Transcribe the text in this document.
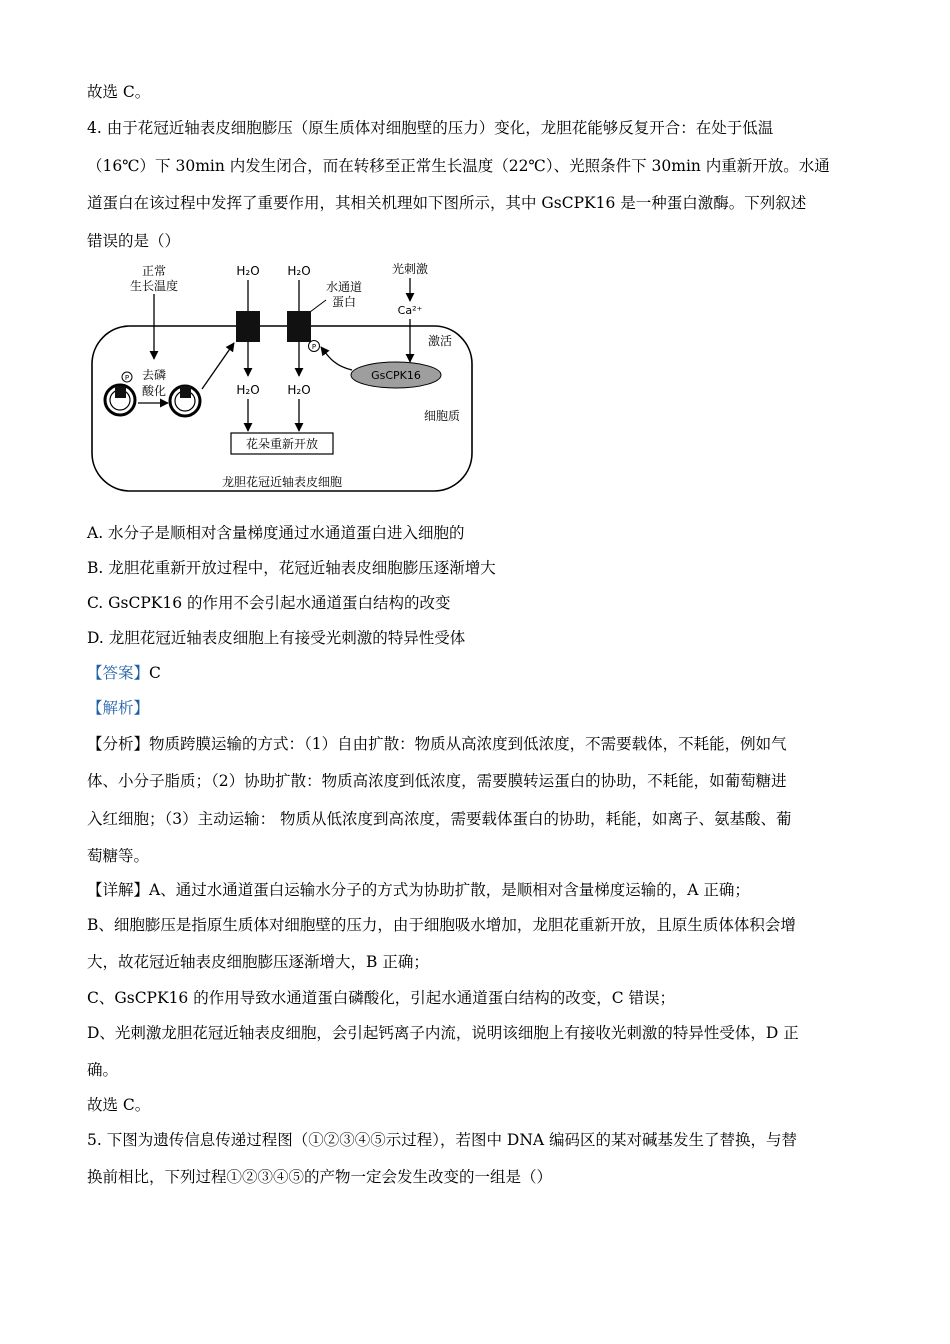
故选 C。
4. 由于花冠近轴表皮细胞膨压（原生质体对细胞壁的压力）变化，龙胆花能够反复开合：在处于低温
（16℃）下 30min 内发生闭合，而在转移至正常生长温度（22℃）、光照条件下 30min 内重新开放。水通
道蛋白在该过程中发挥了重要作用，其相关机理如下图所示，其中 GsCPK16 是一种蛋白激酶。下列叙述
错误的是（）
正常
生长温度
H₂O H₂O	光刺激
Ca²⁺
水通道
蛋白
激活
P
GsCPK16
P 去磷
酸化	H₂O H₂O
花朵重新开放
细胞质
龙胆花冠近轴表皮细胞
A. 水分子是顺相对含量梯度通过水通道蛋白进入细胞的
B. 龙胆花重新开放过程中，花冠近轴表皮细胞膨压逐渐增大
C. GsCPK16 的作用不会引起水通道蛋白结构的改变
D. 龙胆花冠近轴表皮细胞上有接受光刺激的特异性受体
【答案】C
【解析】
【分析】物质跨膜运输的方式：（1）自由扩散：物质从高浓度到低浓度，不需要载体，不耗能，例如气
体、小分子脂质；（2）协助扩散：物质高浓度到低浓度，需要膜转运蛋白的协助，不耗能，如葡萄糖进
入红细胞；（3）主动运输： 物质从低浓度到高浓度，需要载体蛋白的协助，耗能，如离子、氨基酸、葡
萄糖等。
【详解】A、通过水通道蛋白运输水分子的方式为协助扩散，是顺相对含量梯度运输的，A 正确；
B、细胞膨压是指原生质体对细胞壁的压力，由于细胞吸水增加，龙胆花重新开放，且原生质体体积会增
大，故花冠近轴表皮细胞膨压逐渐增大，B 正确；
C、GsCPK16 的作用导致水通道蛋白磷酸化，引起水通道蛋白结构的改变，C 错误；
D、光刺激龙胆花冠近轴表皮细胞，会引起钙离子内流，说明该细胞上有接收光刺激的特异性受体，D 正
确。
故选 C。
5. 下图为遗传信息传递过程图（①②③④⑤示过程），若图中 DNA 编码区的某对碱基发生了替换，与替
换前相比，下列过程①②③④⑤的产物一定会发生改变的一组是（）
